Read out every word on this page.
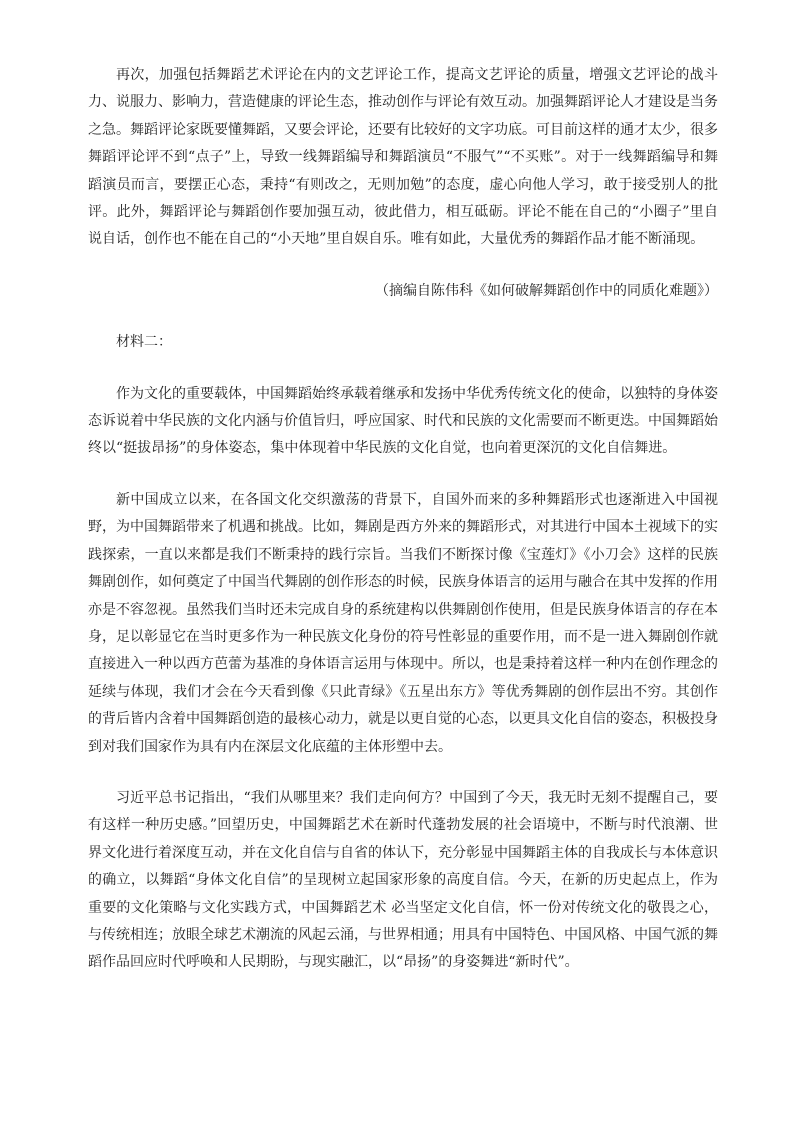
再次，加强包括舞蹈艺术评论在内的文艺评论工作，提高文艺评论的质量，增强文艺评论的战斗力、说服力、影响力，营造健康的评论生态，推动创作与评论有效互动。加强舞蹈评论人才建设是当务之急。舞蹈评论家既要懂舞蹈，又要会评论，还要有比较好的文字功底。可目前这样的通才太少，很多舞蹈评论评不到“点子”上，导致一线舞蹈编导和舞蹈演员“不服气”“不买账”。对于一线舞蹈编导和舞蹈演员而言，要摆正心态，秉持“有则改之，无则加勉”的态度，虚心向他人学习，敢于接受别人的批评。此外，舞蹈评论与舞蹈创作要加强互动，彼此借力，相互砥砺。评论不能在自己的“小圈子”里自说自话，创作也不能在自己的“小天地”里自娱自乐。唯有如此，大量优秀的舞蹈作品才能不断涌现。

（摘编自陈伟科《如何破解舞蹈创作中的同质化难题》）

材料二：

作为文化的重要载体，中国舞蹈始终承载着继承和发扬中华优秀传统文化的使命，以独特的身体姿态诉说着中华民族的文化内涵与价值旨归，呼应国家、时代和民族的文化需要而不断更迭。中国舞蹈始终以“挺拔昂扬”的身体姿态，集中体现着中华民族的文化自觉，也向着更深沉的文化自信舞进。

新中国成立以来，在各国文化交织激荡的背景下，自国外而来的多种舞蹈形式也逐渐进入中国视野，为中国舞蹈带来了机遇和挑战。比如，舞剧是西方外来的舞蹈形式，对其进行中国本土视域下的实践探索，一直以来都是我们不断秉持的践行宗旨。当我们不断探讨像《宝莲灯》《小刀会》这样的民族舞剧创作，如何奠定了中国当代舞剧的创作形态的时候，民族身体语言的运用与融合在其中发挥的作用亦是不容忽视。虽然我们当时还未完成自身的系统建构以供舞剧创作使用，但是民族身体语言的存在本身，足以彰显它在当时更多作为一种民族文化身份的符号性彰显的重要作用，而不是一进入舞剧创作就直接进入一种以西方芭蕾为基准的身体语言运用与体现中。所以，也是秉持着这样一种内在创作理念的延续与体现，我们才会在今天看到像《只此青绿》《五星出东方》等优秀舞剧的创作层出不穷。其创作的背后皆内含着中国舞蹈创造的最核心动力，就是以更自觉的心态，以更具文化自信的姿态，积极投身到对我们国家作为具有内在深层文化底蕴的主体形塑中去。

习近平总书记指出，“我们从哪里来？我们走向何方？中国到了今天，我无时无刻不提醒自己，要有这样一种历史感。”回望历史，中国舞蹈艺术在新时代蓬勃发展的社会语境中，不断与时代浪潮、世界文化进行着深度互动，并在文化自信与自省的体认下，充分彰显中国舞蹈主体的自我成长与本体意识的确立，以舞蹈“身体文化自信”的呈现树立起国家形象的高度自信。今天，在新的历史起点上，作为重要的文化策略与文化实践方式，中国舞蹈艺术 必当坚定文化自信，怀一份对传统文化的敬畏之心，与传统相连；放眼全球艺术潮流的风起云涌，与世界相通；用具有中国特色、中国风格、中国气派的舞蹈作品回应时代呼唤和人民期盼，与现实融汇，以“昂扬”的身姿舞进“新时代”。
